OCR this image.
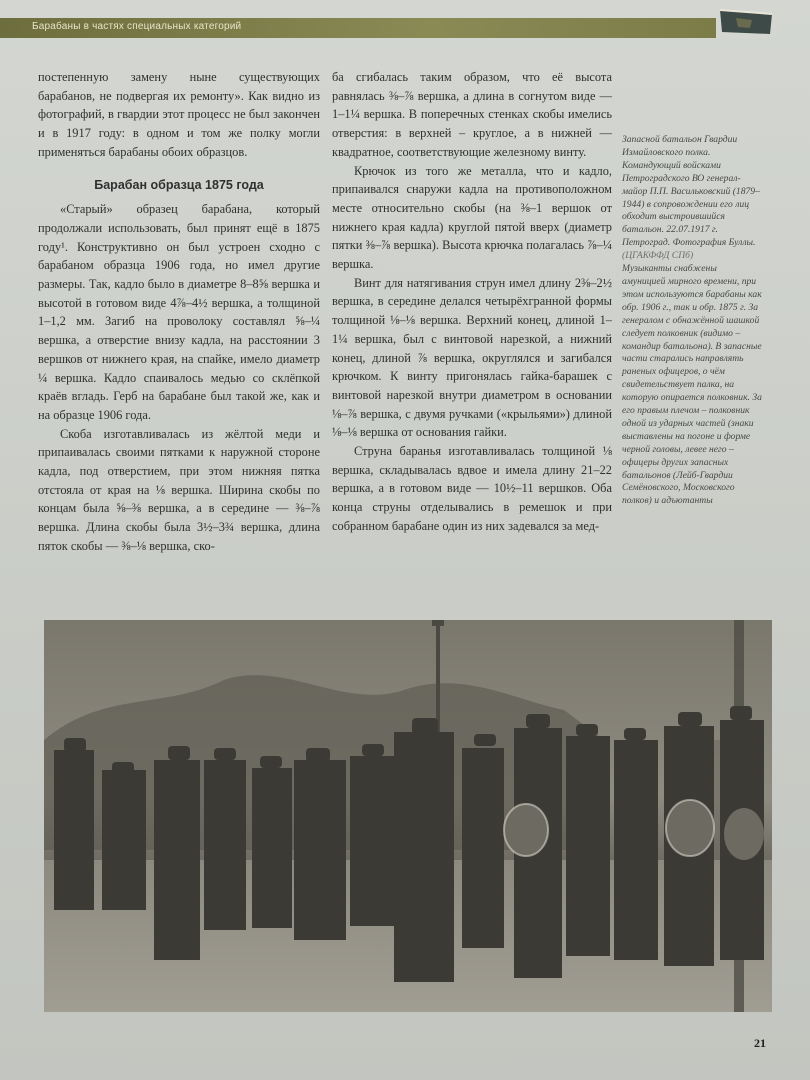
Барабаны в частях специальных категорий

постепенную замену ныне существующих барабанов, не подвергая их ремонту». Как видно из фотографий, в гвардии этот процесс не был закончен и в 1917 году: в одном и том же полку могли применяться барабаны обоих образцов.

Барабан образца 1875 года

«Старый» образец барабана, который продолжали использовать, был принят ещё в 1875 году¹. Конструктивно он был устроен сходно с барабаном образца 1906 года, но имел другие размеры. Так, кадло было в диаметре 8–8⅝ вершка и высотой в готовом виде 4⅞–4½ вершка, а толщиной 1–1,2 мм. Загиб на проволоку составлял ⅝–¼ вершка, а отверстие внизу кадла, на расстоянии 3 вершков от нижнего края, на спайке, имело диаметр ¼ вершка. Кадло спаивалось медью со склёпкой краёв вгладь. Герб на барабане был такой же, как и на образце 1906 года.

Скоба изготавливалась из жёлтой меди и припаивалась своими пятками к наружной стороне кадла, под отверстием, при этом нижняя пятка отстояла от края на ⅛ вершка. Ширина скобы по концам была ⅝–⅜ вершка, а в середине — ⅜–⅞ вершка. Длина скобы была 3½–3¾ вершка, длина пяток скобы — ⅜–⅛ вершка, ско-

ба сгибалась таким образом, что её высота равнялась ⅜–⅞ вершка, а длина в согнутом виде — 1–1¼ вершка. В поперечных стенках скобы имелись отверстия: в верхней – круглое, а в нижней — квадратное, соответствующие железному винту.

Крючок из того же металла, что и кадло, припаивался снаружи кадла на противоположном месте относительно скобы (на ⅜–1 вершок от нижнего края кадла) круглой пятой вверх (диаметр пятки ⅜–⅞ вершка). Высота крючка полагалась ⅞–¼ вершка.

Винт для натягивания струн имел длину 2⅜–2½ вершка, в середине делался четырёхгранной формы толщиной ⅛–⅛ вершка. Верхний конец, длиной 1–1¼ вершка, был с винтовой нарезкой, а нижний конец, длиной ⅞ вершка, округлялся и загибался крючком. К винту пригонялась гайка-барашек с винтовой нарезкой внутри диаметром в основании ⅛–⅞ вершка, с двумя ручками («крыльями») длиной ⅛–⅛ вершка от основания гайки.

Струна баранья изготавливалась толщиной ⅛ вершка, складывалась вдвое и имела длину 21–22 вершка, а в готовом виде — 10½–11 вершков. Оба конца струны отделывались в ремешок и при собранном барабане один из них задевался за мед-

Запасной батальон Гвардии Измайловского полка. Командующий войсками Петроградского ВО генерал-майор П.П. Васильковский (1879–1944) в сопровождении его лиц обходит выстроившийся батальон. 22.07.1917 г. Петроград. Фотография Буллы. (ЦГАКФФД СПб)
Музыканты снабжены амуницией мирного времени, при этом используются барабаны как обр. 1906 г., так и обр. 1875 г. За генералом с обнажённой шашкой следует полковник (видимо – командир батальона). В запасные части старались направлять раненых офицеров, о чём свидетельствует палка, на которую опирается полковник. За его правым плечом – полковник одной из ударных частей (знаки выставлены на погоне и форме черной головы, левее него – офицеры других запасных батальонов (Лейб-Гвардии Семёновского, Московского полков) и адъютанты
21
